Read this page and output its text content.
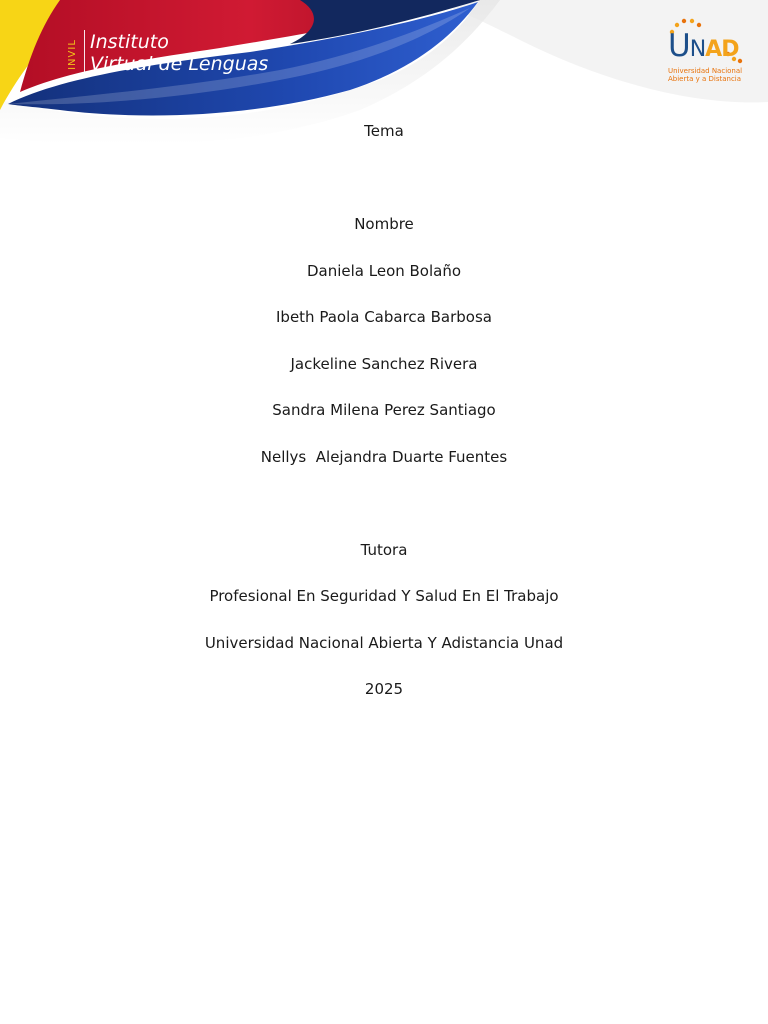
INVIL Instituto
Virtual de Lenguas	UNAD
Universidad Nacional
Abierta y a Distancia
Tema
Nombre
Daniela Leon Bolaño
Ibeth Paola Cabarca Barbosa
Jackeline Sanchez Rivera
Sandra Milena Perez Santiago
Nellys  Alejandra Duarte Fuentes
Tutora
Profesional En Seguridad Y Salud En El Trabajo
Universidad Nacional Abierta Y Adistancia Unad
2025
